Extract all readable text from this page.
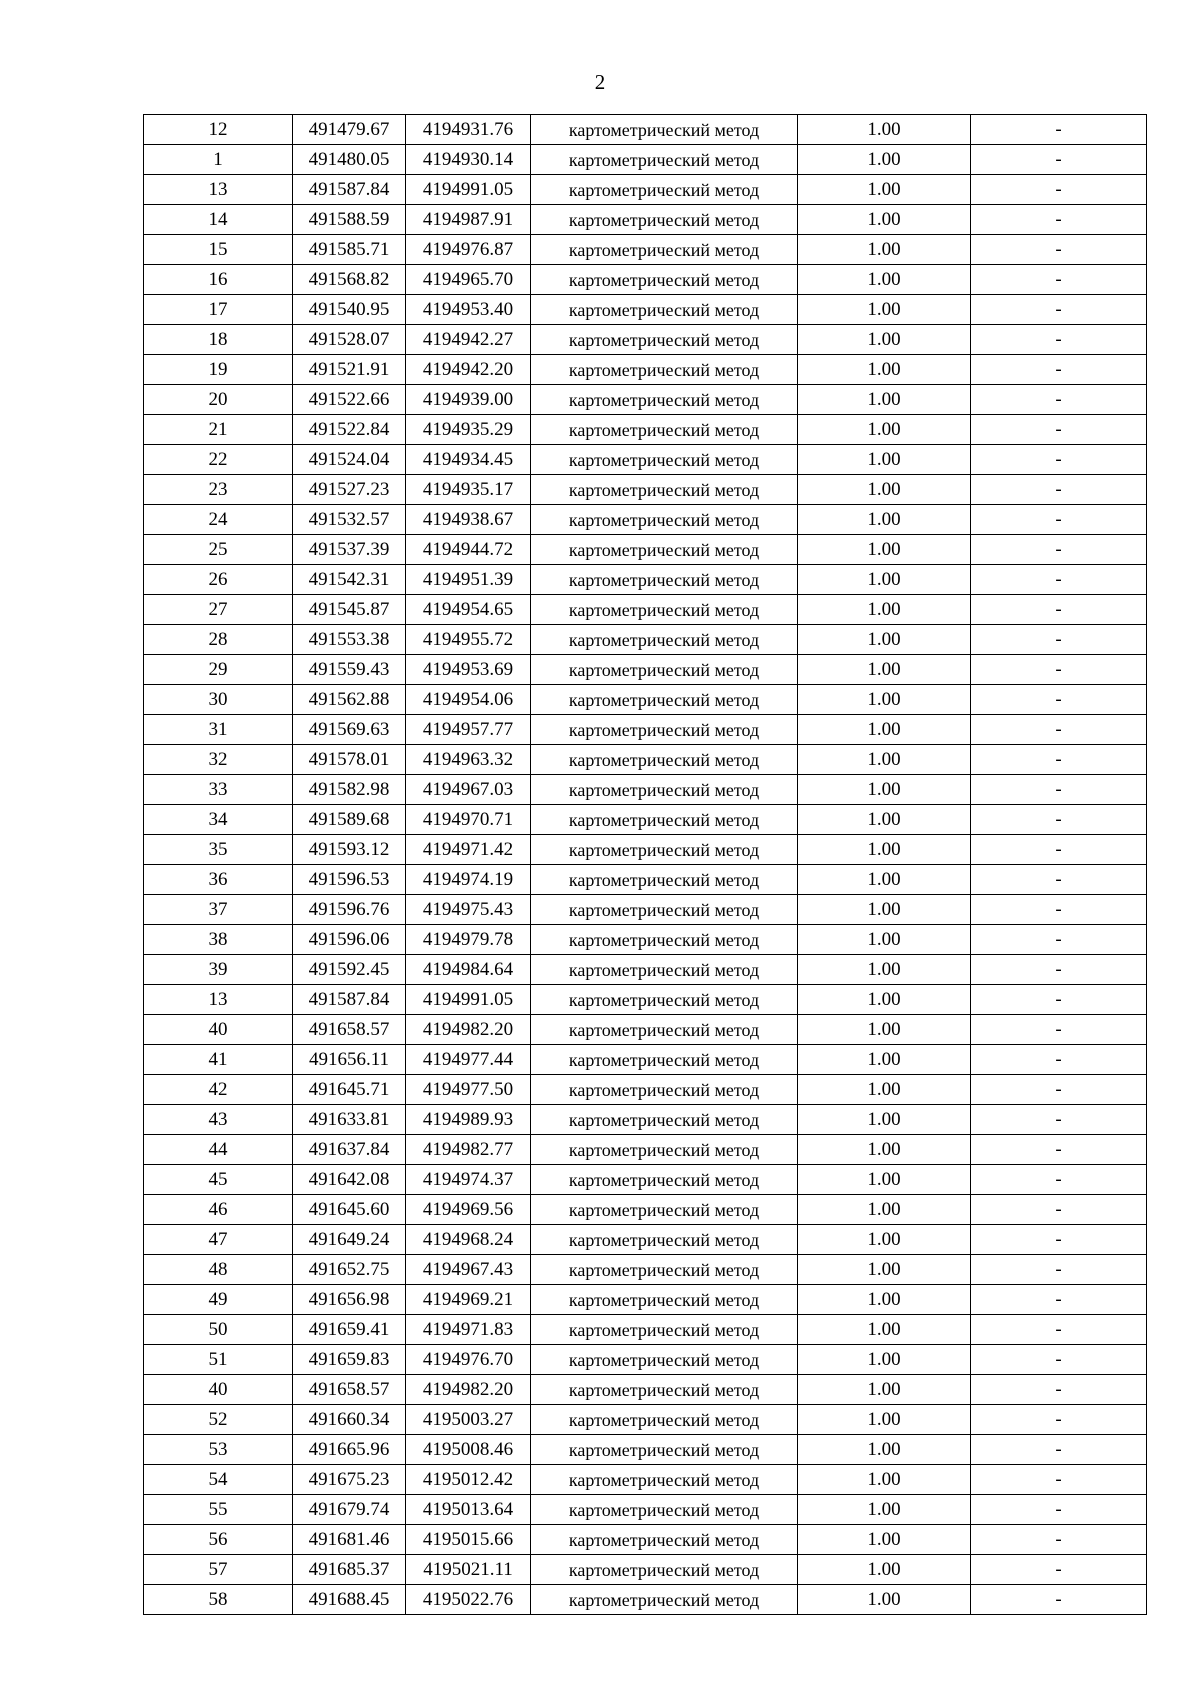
2
12	491479.67	4194931.76	картометрический метод	1.00	-
1	491480.05	4194930.14	картометрический метод	1.00	-
13	491587.84	4194991.05	картометрический метод	1.00	-
14	491588.59	4194987.91	картометрический метод	1.00	-
15	491585.71	4194976.87	картометрический метод	1.00	-
16	491568.82	4194965.70	картометрический метод	1.00	-
17	491540.95	4194953.40	картометрический метод	1.00	-
18	491528.07	4194942.27	картометрический метод	1.00	-
19	491521.91	4194942.20	картометрический метод	1.00	-
20	491522.66	4194939.00	картометрический метод	1.00	-
21	491522.84	4194935.29	картометрический метод	1.00	-
22	491524.04	4194934.45	картометрический метод	1.00	-
23	491527.23	4194935.17	картометрический метод	1.00	-
24	491532.57	4194938.67	картометрический метод	1.00	-
25	491537.39	4194944.72	картометрический метод	1.00	-
26	491542.31	4194951.39	картометрический метод	1.00	-
27	491545.87	4194954.65	картометрический метод	1.00	-
28	491553.38	4194955.72	картометрический метод	1.00	-
29	491559.43	4194953.69	картометрический метод	1.00	-
30	491562.88	4194954.06	картометрический метод	1.00	-
31	491569.63	4194957.77	картометрический метод	1.00	-
32	491578.01	4194963.32	картометрический метод	1.00	-
33	491582.98	4194967.03	картометрический метод	1.00	-
34	491589.68	4194970.71	картометрический метод	1.00	-
35	491593.12	4194971.42	картометрический метод	1.00	-
36	491596.53	4194974.19	картометрический метод	1.00	-
37	491596.76	4194975.43	картометрический метод	1.00	-
38	491596.06	4194979.78	картометрический метод	1.00	-
39	491592.45	4194984.64	картометрический метод	1.00	-
13	491587.84	4194991.05	картометрический метод	1.00	-
40	491658.57	4194982.20	картометрический метод	1.00	-
41	491656.11	4194977.44	картометрический метод	1.00	-
42	491645.71	4194977.50	картометрический метод	1.00	-
43	491633.81	4194989.93	картометрический метод	1.00	-
44	491637.84	4194982.77	картометрический метод	1.00	-
45	491642.08	4194974.37	картометрический метод	1.00	-
46	491645.60	4194969.56	картометрический метод	1.00	-
47	491649.24	4194968.24	картометрический метод	1.00	-
48	491652.75	4194967.43	картометрический метод	1.00	-
49	491656.98	4194969.21	картометрический метод	1.00	-
50	491659.41	4194971.83	картометрический метод	1.00	-
51	491659.83	4194976.70	картометрический метод	1.00	-
40	491658.57	4194982.20	картометрический метод	1.00	-
52	491660.34	4195003.27	картометрический метод	1.00	-
53	491665.96	4195008.46	картометрический метод	1.00	-
54	491675.23	4195012.42	картометрический метод	1.00	-
55	491679.74	4195013.64	картометрический метод	1.00	-
56	491681.46	4195015.66	картометрический метод	1.00	-
57	491685.37	4195021.11	картометрический метод	1.00	-
58	491688.45	4195022.76	картометрический метод	1.00	-
